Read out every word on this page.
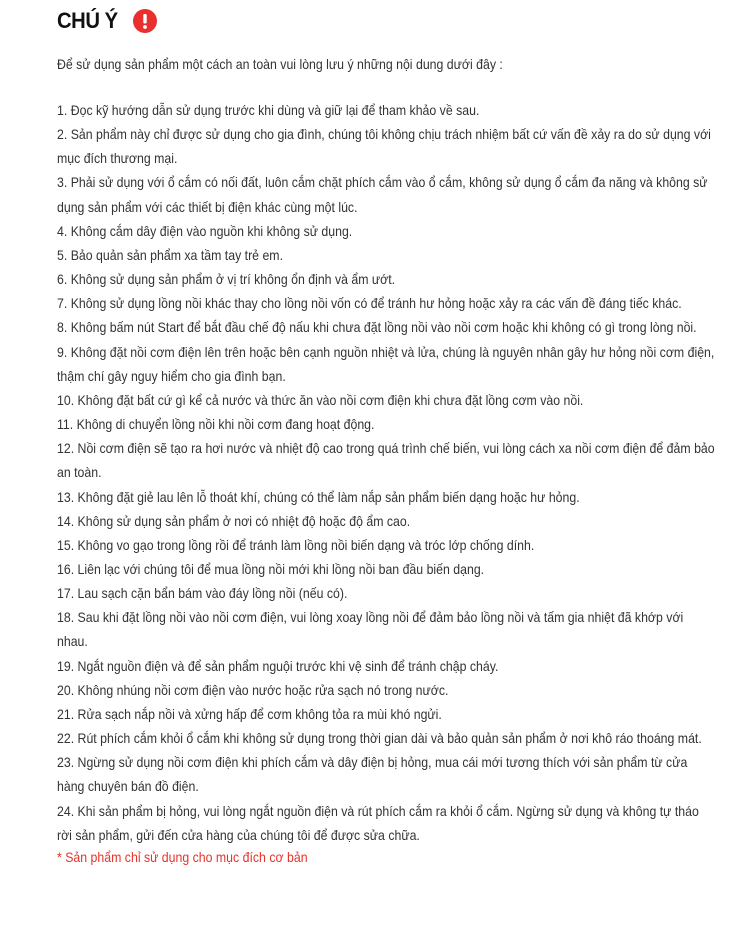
CHÚ Ý
Để sử dụng sản phẩm một cách an toàn vui lòng lưu ý những nội dung dưới đây :
1. Đọc kỹ hướng dẫn sử dụng trước khi dùng và giữ lại để tham khảo về sau.
2. Sản phẩm này chỉ được sử dụng cho gia đình, chúng tôi không chịu trách nhiệm bất cứ vấn đề xảy ra do sử dụng với mục đích thương mại.
3. Phải sử dụng với ổ cắm có nối đất, luôn cắm chặt phích cắm vào ổ cắm, không sử dụng ổ cắm đa năng và không sử dụng sản phẩm với các thiết bị điện khác cùng một lúc.
4. Không cắm dây điện vào nguồn khi không sử dụng.
5. Bảo quản sản phẩm xa tầm tay trẻ em.
6. Không sử dụng sản phẩm ở vị trí không ổn định và ẩm ướt.
7. Không sử dụng lồng nồi khác thay cho lồng nồi vốn có để tránh hư hỏng hoặc xảy ra các vấn đề đáng tiếc khác.
8. Không bấm nút Start để bắt đầu chế độ nấu khi chưa đặt lồng nồi vào nồi cơm hoặc khi không có gì trong lòng nồi.
9. Không đặt nồi cơm điện lên trên hoặc bên cạnh nguồn nhiệt và lửa, chúng là nguyên nhân gây hư hỏng nồi cơm điện, thậm chí gây nguy hiểm cho gia đình bạn.
10. Không đặt bất cứ gì kể cả nước và thức ăn vào nồi cơm điện khi chưa đặt lồng cơm vào nồi.
11. Không di chuyển lồng nồi khi nồi cơm đang hoạt động.
12. Nồi cơm điện sẽ tạo ra hơi nước và nhiệt độ cao trong quá trình chế biến, vui lòng cách xa nồi cơm điện để đảm bảo an toàn.
13. Không đặt giẻ lau lên lỗ thoát khí, chúng có thể làm nắp sản phẩm biến dạng hoặc hư hỏng.
14. Không sử dụng sản phẩm ở nơi có nhiệt độ hoặc độ ẩm cao.
15. Không vo gạo trong lồng rồi để tránh làm lồng nồi biến dạng và tróc lớp chống dính.
16. Liên lạc với chúng tôi để mua lồng nồi mới khi lồng nồi ban đầu biến dạng.
17. Lau sạch cặn bẩn bám vào đáy lồng nồi (nếu có).
18. Sau khi đặt lồng nồi vào nồi cơm điện, vui lòng xoay lồng nồi để đảm bảo lồng nồi và tấm gia nhiệt đã khớp với nhau.
19. Ngắt nguồn điện và để sản phẩm nguội trước khi vệ sinh để tránh chập cháy.
20. Không nhúng nồi cơm điện vào nước hoặc rửa sạch nó trong nước.
21. Rửa sạch nắp nồi và xửng hấp để cơm không tỏa ra mùi khó ngửi.
22. Rút phích cắm khỏi ổ cắm khi không sử dụng trong thời gian dài và bảo quản sản phẩm ở nơi khô ráo thoáng mát.
23. Ngừng sử dụng nồi cơm điện khi phích cắm và dây điện bị hỏng, mua cái mới tương thích với sản phẩm từ cửa hàng chuyên bán đồ điện.
24. Khi sản phẩm bị hỏng, vui lòng ngắt nguồn điện và rút phích cắm ra khỏi ổ cắm. Ngừng sử dụng và không tự tháo rời sản phẩm, gửi đến cửa hàng của chúng tôi để được sửa chữa.
* Sản phẩm chỉ sử dụng cho mục đích cơ bản
